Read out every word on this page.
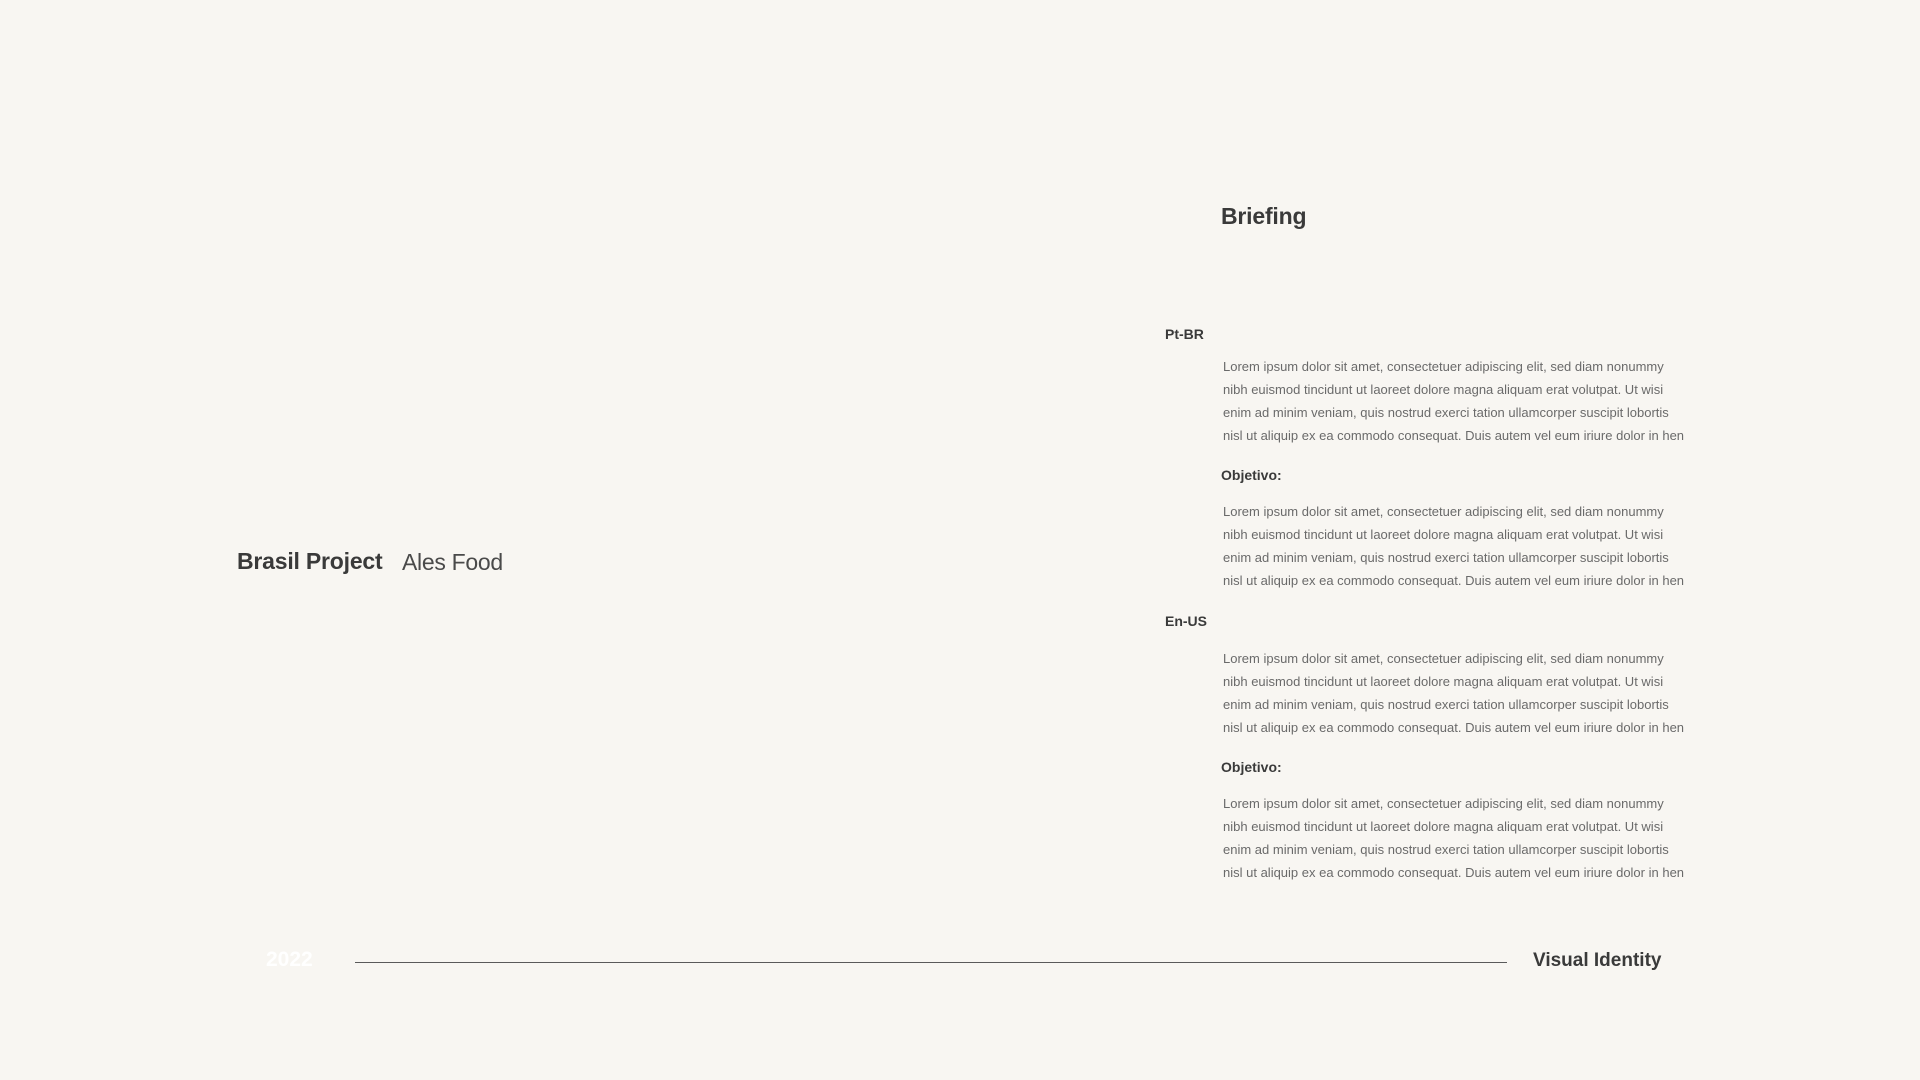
Brasil Project Ales Food
Briefing
Pt-BR
Lorem ipsum dolor sit amet, consectetuer adipiscing elit, sed diam nonummy
nibh euismod tincidunt ut laoreet dolore magna aliquam erat volutpat. Ut wisi
enim ad minim veniam, quis nostrud exerci tation ullamcorper suscipit lobortis
nisl ut aliquip ex ea commodo consequat. Duis autem vel eum iriure dolor in hen
Objetivo:
Lorem ipsum dolor sit amet, consectetuer adipiscing elit, sed diam nonummy
nibh euismod tincidunt ut laoreet dolore magna aliquam erat volutpat. Ut wisi
enim ad minim veniam, quis nostrud exerci tation ullamcorper suscipit lobortis
nisl ut aliquip ex ea commodo consequat. Duis autem vel eum iriure dolor in hen
En-US
Lorem ipsum dolor sit amet, consectetuer adipiscing elit, sed diam nonummy
nibh euismod tincidunt ut laoreet dolore magna aliquam erat volutpat. Ut wisi
enim ad minim veniam, quis nostrud exerci tation ullamcorper suscipit lobortis
nisl ut aliquip ex ea commodo consequat. Duis autem vel eum iriure dolor in hen
Objetivo:
Lorem ipsum dolor sit amet, consectetuer adipiscing elit, sed diam nonummy
nibh euismod tincidunt ut laoreet dolore magna aliquam erat volutpat. Ut wisi
enim ad minim veniam, quis nostrud exerci tation ullamcorper suscipit lobortis
nisl ut aliquip ex ea commodo consequat. Duis autem vel eum iriure dolor in hen
2022	Visual Identity
